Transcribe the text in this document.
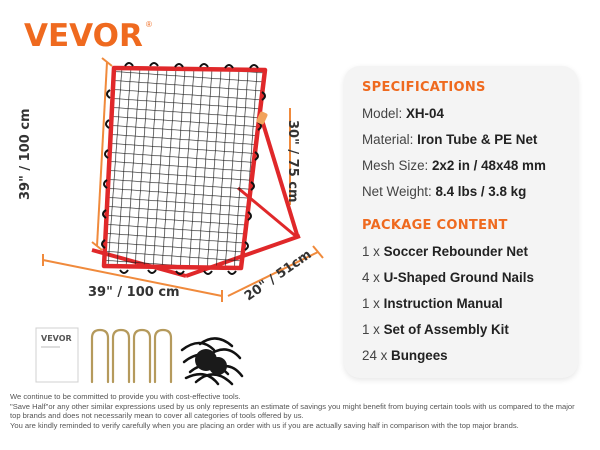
VEVOR ®
39" / 100 cm	30" / 75 cm
39" / 100 cm	20" / 51cm
SPECIFICATIONS
Model: XH-04
Material: Iron Tube & PE Net
Mesh Size: 2x2 in / 48x48 mm
Net Weight: 8.4 lbs / 3.8 kg
PACKAGE CONTENT
1 x Soccer Rebounder Net
4 x U-Shaped Ground Nails
1 x Instruction Manual
1 x Set of Assembly Kit
24 x Bungees
VEVOR
We continue to be committed to provide you with cost-effective tools.
"Save Half"or any other similar expressions used by us only represents an estimate of savings you might benefit from buying certain tools with us compared to the major
top brands and does not necessarily mean to cover all categories of tools offered by us.
You are kindly reminded to verify carefully when you are placing an order with us if you are actually saving half in comparison with the top major brands.
